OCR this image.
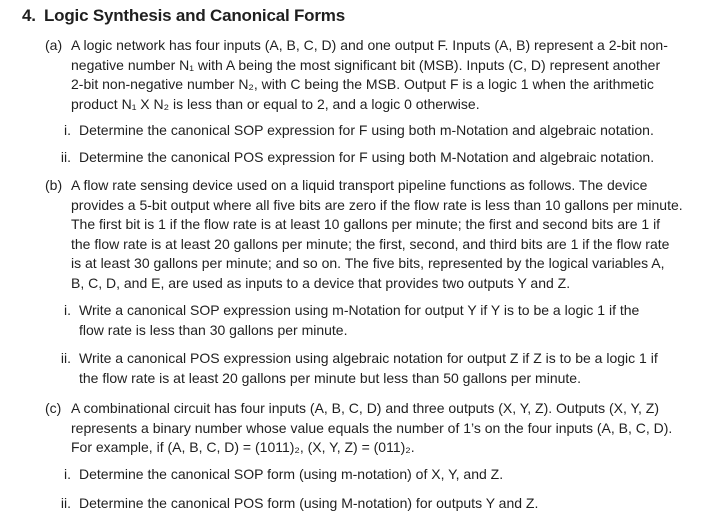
4. Logic Synthesis and Canonical Forms
(a) A logic network has four inputs (A, B, C, D) and one output F. Inputs (A, B) represent a 2-bit non-
negative number N₁ with A being the most significant bit (MSB). Inputs (C, D) represent another
2-bit non-negative number N₂, with C being the MSB. Output F is a logic 1 when the arithmetic
product N₁ X N₂ is less than or equal to 2, and a logic 0 otherwise.
i. Determine the canonical SOP expression for F using both m-Notation and algebraic notation.
ii. Determine the canonical POS expression for F using both M-Notation and algebraic notation.
(b) A flow rate sensing device used on a liquid transport pipeline functions as follows. The device
provides a 5-bit output where all five bits are zero if the flow rate is less than 10 gallons per minute.
The first bit is 1 if the flow rate is at least 10 gallons per minute; the first and second bits are 1 if
the flow rate is at least 20 gallons per minute; the first, second, and third bits are 1 if the flow rate
is at least 30 gallons per minute; and so on. The five bits, represented by the logical variables A,
B, C, D, and E, are used as inputs to a device that provides two outputs Y and Z.
i. Write a canonical SOP expression using m-Notation for output Y if Y is to be a logic 1 if the
flow rate is less than 30 gallons per minute.
ii. Write a canonical POS expression using algebraic notation for output Z if Z is to be a logic 1 if
the flow rate is at least 20 gallons per minute but less than 50 gallons per minute.
(c) A combinational circuit has four inputs (A, B, C, D) and three outputs (X, Y, Z). Outputs (X, Y, Z)
represents a binary number whose value equals the number of 1’s on the four inputs (A, B, C, D).
For example, if (A, B, C, D) = (1011)₂, (X, Y, Z) = (011)₂.
i. Determine the canonical SOP form (using m-notation) of X, Y, and Z.
ii. Determine the canonical POS form (using M-notation) for outputs Y and Z.
